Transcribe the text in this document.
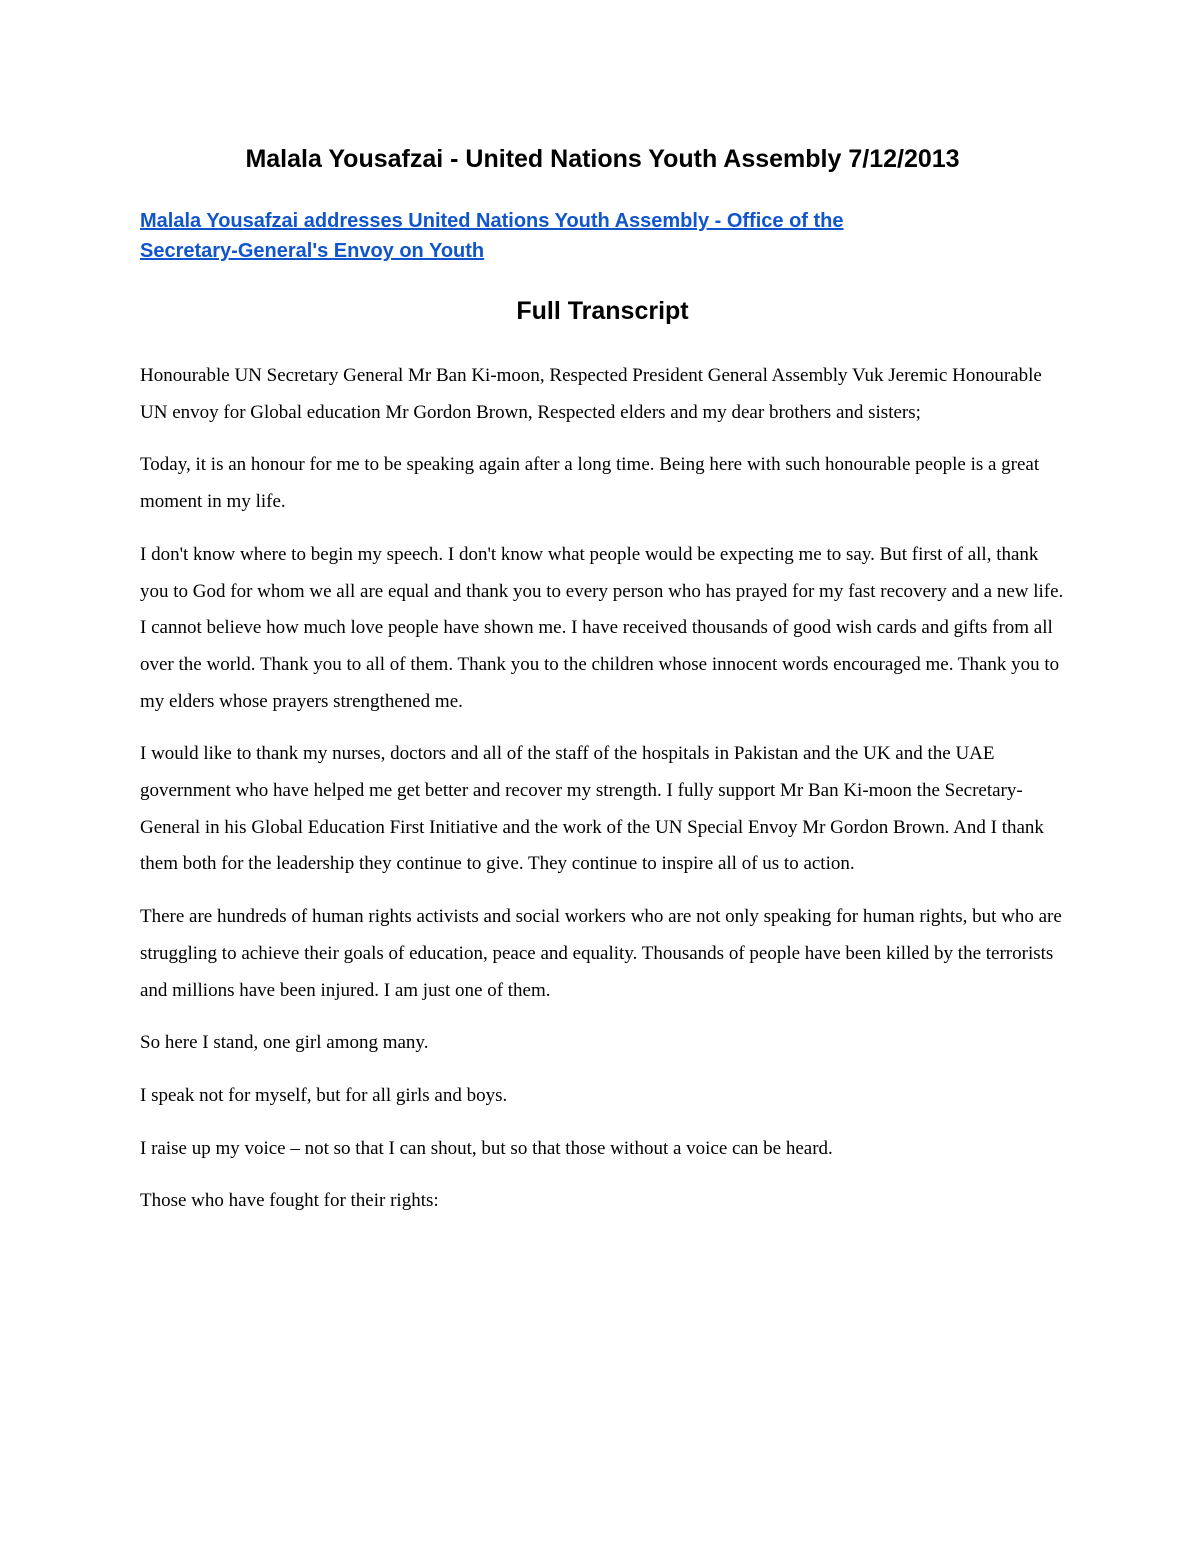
Malala Yousafzai - United Nations Youth Assembly 7/12/2013
Malala Yousafzai addresses United Nations Youth Assembly - Office of the Secretary-General's Envoy on Youth
Full Transcript

Honourable UN Secretary General Mr Ban Ki-moon, Respected President General Assembly Vuk Jeremic Honourable UN envoy for Global education Mr Gordon Brown, Respected elders and my dear brothers and sisters;

Today, it is an honour for me to be speaking again after a long time. Being here with such honourable people is a great moment in my life.

I don't know where to begin my speech. I don't know what people would be expecting me to say. But first of all, thank you to God for whom we all are equal and thank you to every person who has prayed for my fast recovery and a new life. I cannot believe how much love people have shown me. I have received thousands of good wish cards and gifts from all over the world. Thank you to all of them. Thank you to the children whose innocent words encouraged me. Thank you to my elders whose prayers strengthened me.

I would like to thank my nurses, doctors and all of the staff of the hospitals in Pakistan and the UK and the UAE government who have helped me get better and recover my strength. I fully support Mr Ban Ki-moon the Secretary-General in his Global Education First Initiative and the work of the UN Special Envoy Mr Gordon Brown. And I thank them both for the leadership they continue to give. They continue to inspire all of us to action.

There are hundreds of human rights activists and social workers who are not only speaking for human rights, but who are struggling to achieve their goals of education, peace and equality. Thousands of people have been killed by the terrorists and millions have been injured. I am just one of them.

So here I stand, one girl among many.

I speak not for myself, but for all girls and boys.

I raise up my voice – not so that I can shout, but so that those without a voice can be heard.

Those who have fought for their rights:
